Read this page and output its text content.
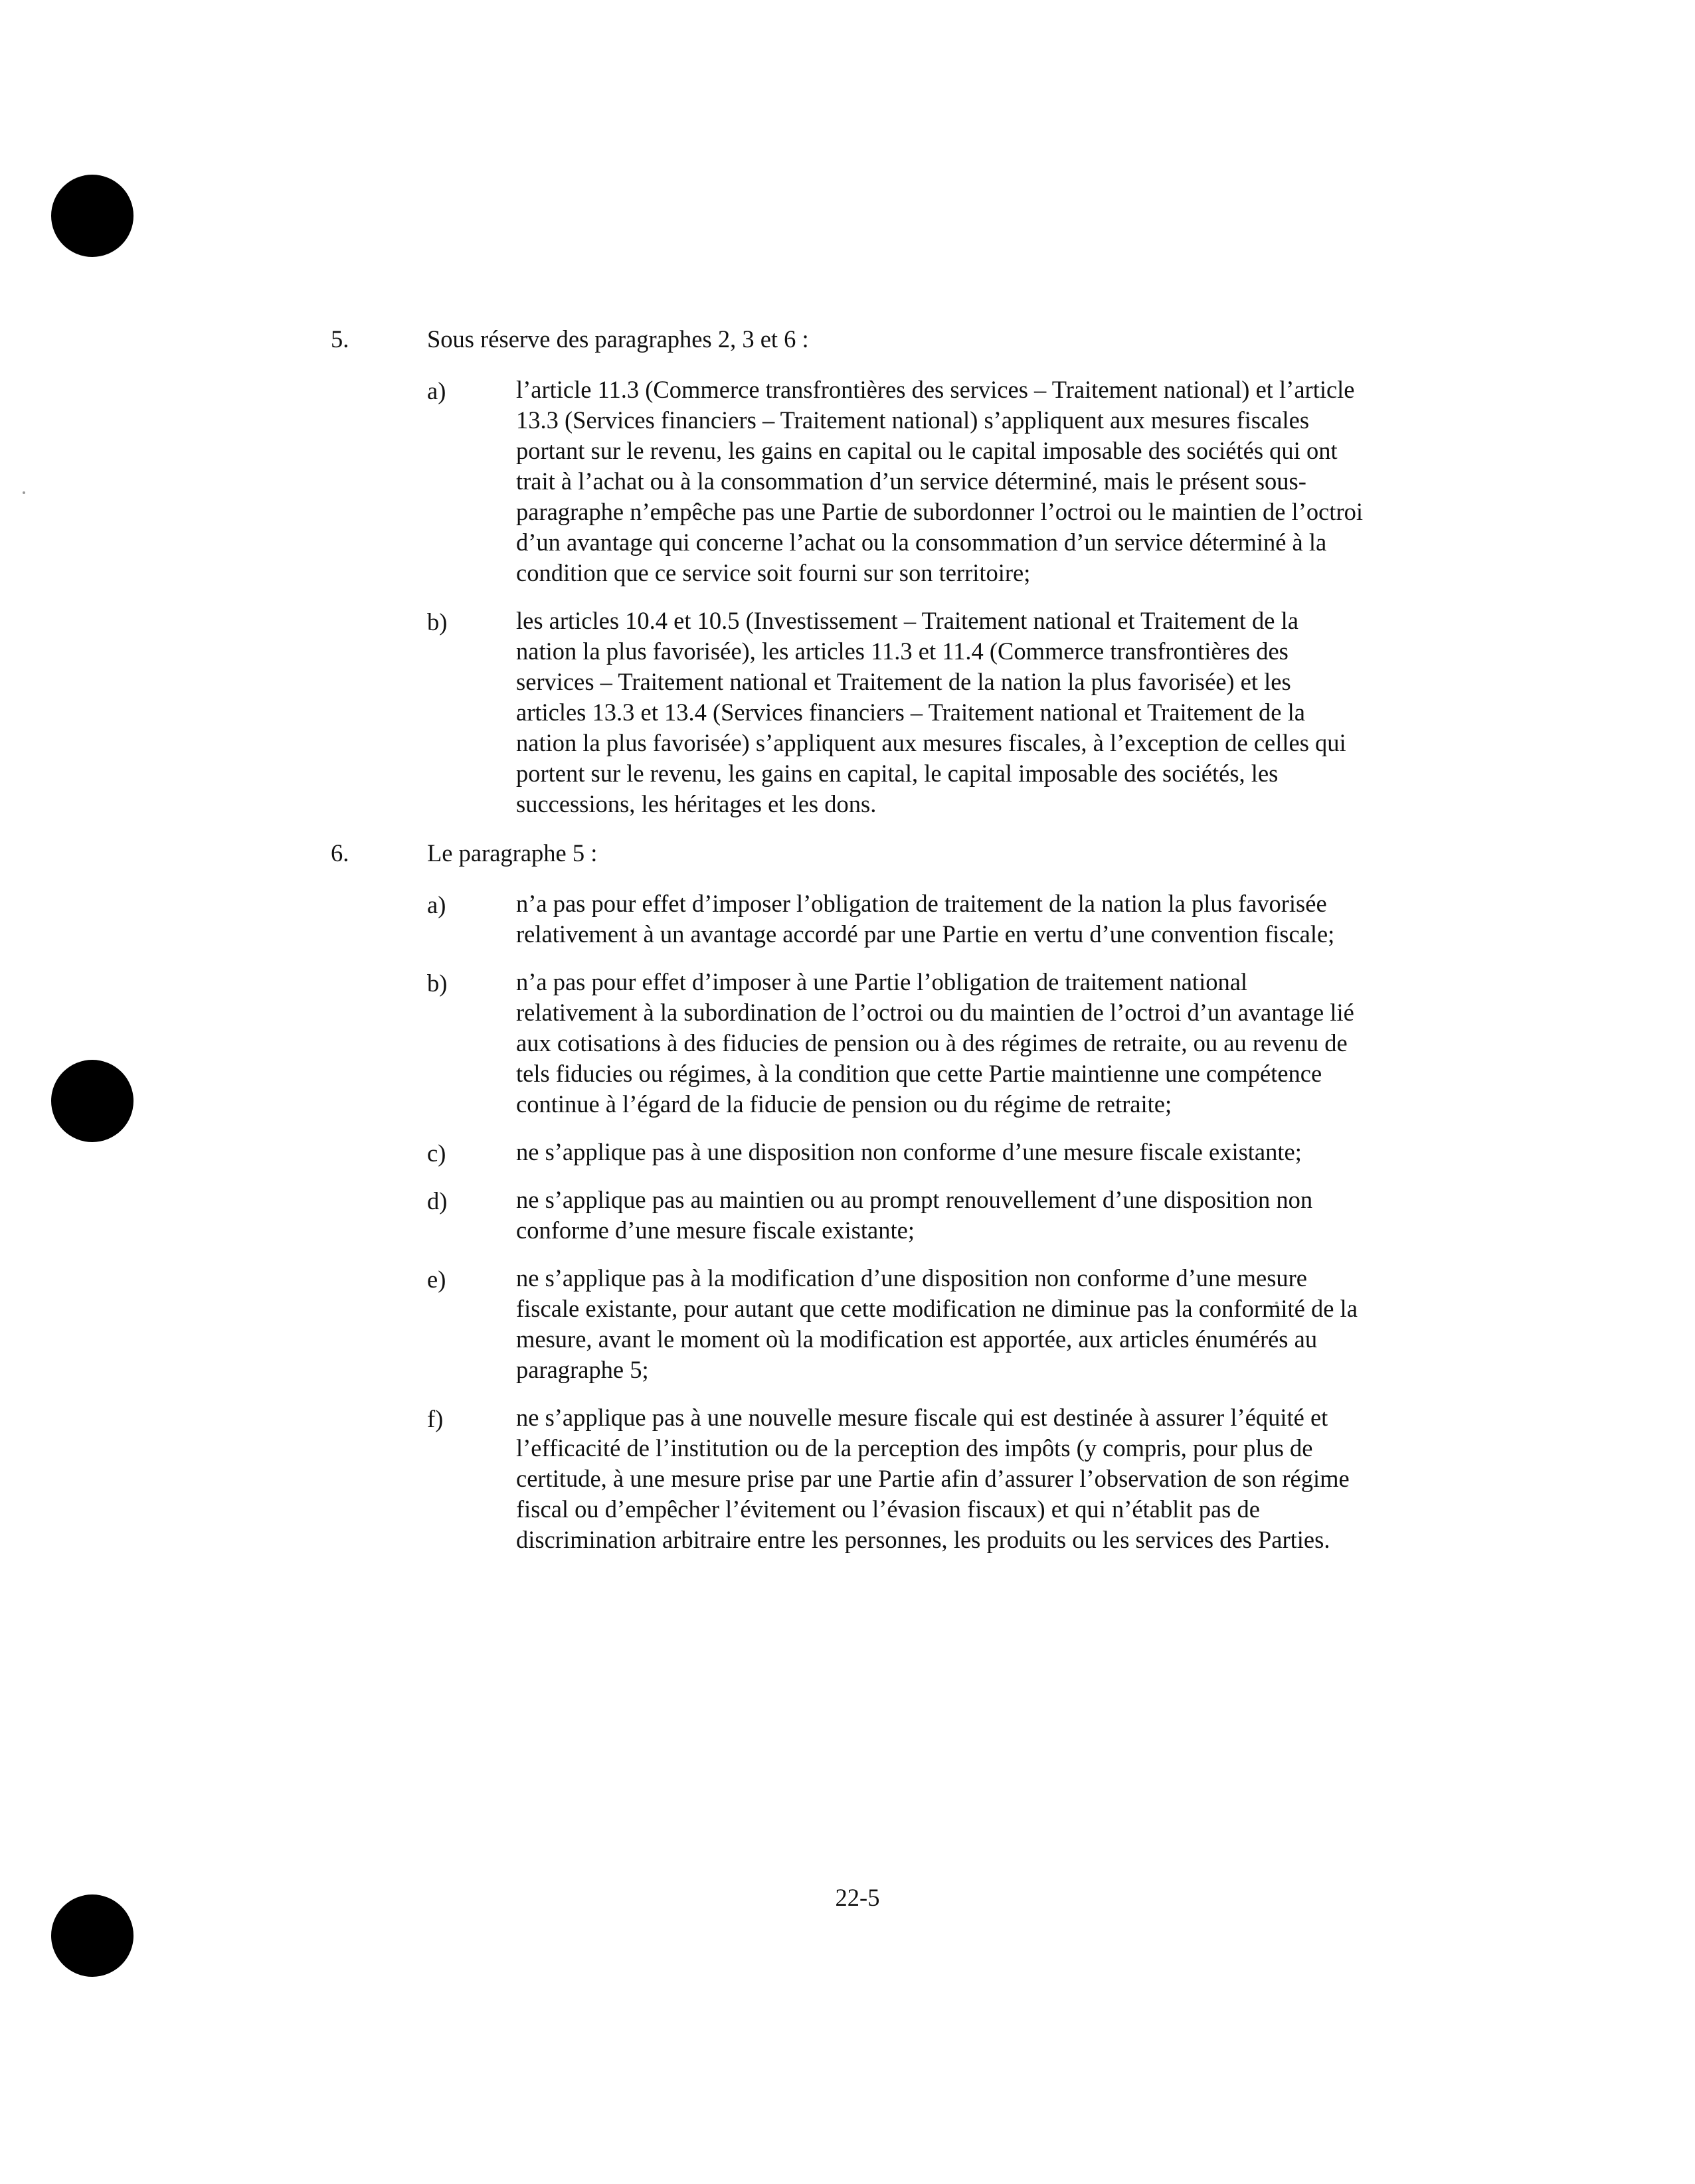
5.	Sous réserve des paragraphes 2, 3 et 6 :
a)	l’article 11.3 (Commerce transfrontières des services – Traitement national) et l’article 13.3 (Services financiers – Traitement national) s’appliquent aux mesures fiscales portant sur le revenu, les gains en capital ou le capital imposable des sociétés qui ont trait à l’achat ou à la consommation d’un service déterminé, mais le présent sous-paragraphe n’empêche pas une Partie de subordonner l’octroi ou le maintien de l’octroi d’un avantage qui concerne l’achat ou la consommation d’un service déterminé à la condition que ce service soit fourni sur son territoire;
b)	les articles 10.4 et 10.5 (Investissement – Traitement national et Traitement de la nation la plus favorisée), les articles 11.3 et 11.4 (Commerce transfrontières des services – Traitement national et Traitement de la nation la plus favorisée) et les articles 13.3 et 13.4 (Services financiers – Traitement national et Traitement de la nation la plus favorisée) s’appliquent aux mesures fiscales, à l’exception de celles qui portent sur le revenu, les gains en capital, le capital imposable des sociétés, les successions, les héritages et les dons.
6.	Le paragraphe 5 :
a)	n’a pas pour effet d’imposer l’obligation de traitement de la nation la plus favorisée relativement à un avantage accordé par une Partie en vertu d’une convention fiscale;
b)	n’a pas pour effet d’imposer à une Partie l’obligation de traitement national relativement à la subordination de l’octroi ou du maintien de l’octroi d’un avantage lié aux cotisations à des fiducies de pension ou à des régimes de retraite, ou au revenu de tels fiducies ou régimes, à la condition que cette Partie maintienne une compétence continue à l’égard de la fiducie de pension ou du régime de retraite;
c)	ne s’applique pas à une disposition non conforme d’une mesure fiscale existante;
d)	ne s’applique pas au maintien ou au prompt renouvellement d’une disposition non conforme d’une mesure fiscale existante;
e)	ne s’applique pas à la modification d’une disposition non conforme d’une mesure fiscale existante, pour autant que cette modification ne diminue pas la conformité de la mesure, avant le moment où la modification est apportée, aux articles énumérés au paragraphe 5;
f)	ne s’applique pas à une nouvelle mesure fiscale qui est destinée à assurer l’équité et l’efficacité de l’institution ou de la perception des impôts (y compris, pour plus de certitude, à une mesure prise par une Partie afin d’assurer l’observation de son régime fiscal ou d’empêcher l’évitement ou l’évasion fiscaux) et qui n’établit pas de discrimination arbitraire entre les personnes, les produits ou les services des Parties.
22-5
